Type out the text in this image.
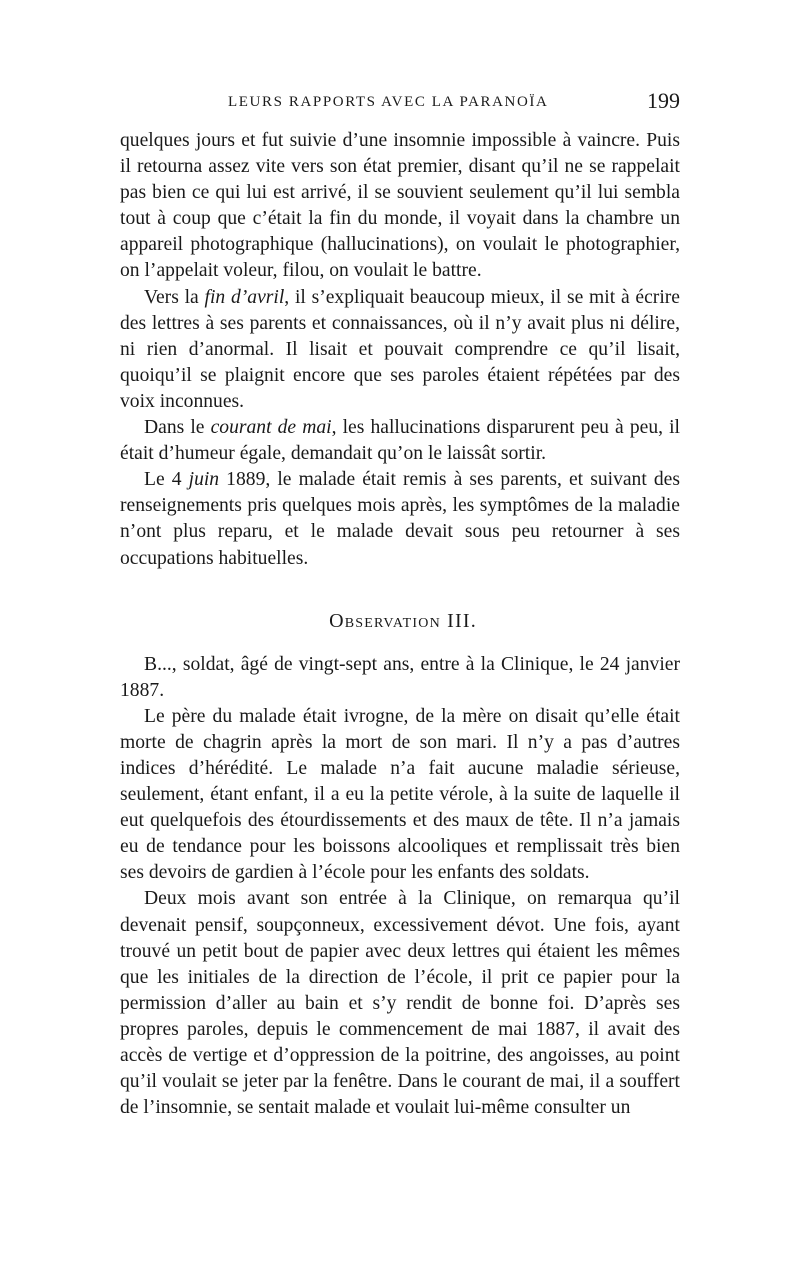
LEURS RAPPORTS AVEC LA PARANOÏA	199

quelques jours et fut suivie d’une insomnie impossible à vaincre. Puis il retourna assez vite vers son état premier, disant qu’il ne se rappelait pas bien ce qui lui est arrivé, il se souvient seulement qu’il lui sembla tout à coup que c’était la fin du monde, il voyait dans la chambre un appareil photographique (hallucinations), on voulait le photographier, on l’appelait voleur, filou, on voulait le battre.

Vers la fin d’avril, il s’expliquait beaucoup mieux, il se mit à écrire des lettres à ses parents et connaissances, où il n’y avait plus ni délire, ni rien d’anormal. Il lisait et pouvait comprendre ce qu’il lisait, quoiqu’il se plaignit encore que ses paroles étaient répétées par des voix inconnues.

Dans le courant de mai, les hallucinations disparurent peu à peu, il était d’humeur égale, demandait qu’on le laissât sortir.

Le 4 juin 1889, le malade était remis à ses parents, et suivant des renseignements pris quelques mois après, les symptômes de la maladie n’ont plus reparu, et le malade devait sous peu retourner à ses occupations habituelles.

Observation III.

B..., soldat, âgé de vingt-sept ans, entre à la Clinique, le 24 janvier 1887.

Le père du malade était ivrogne, de la mère on disait qu’elle était morte de chagrin après la mort de son mari. Il n’y a pas d’autres indices d’hérédité. Le malade n’a fait aucune maladie sérieuse, seulement, étant enfant, il a eu la petite vérole, à la suite de laquelle il eut quelquefois des étourdissements et des maux de tête. Il n’a jamais eu de tendance pour les boissons alcooliques et remplissait très bien ses devoirs de gardien à l’école pour les enfants des soldats.

Deux mois avant son entrée à la Clinique, on remarqua qu’il devenait pensif, soupçonneux, excessivement dévot. Une fois, ayant trouvé un petit bout de papier avec deux lettres qui étaient les mêmes que les initiales de la direction de l’école, il prit ce papier pour la permission d’aller au bain et s’y rendit de bonne foi. D’après ses propres paroles, depuis le commencement de mai 1887, il avait des accès de vertige et d’oppression de la poitrine, des angoisses, au point qu’il voulait se jeter par la fenêtre. Dans le courant de mai, il a souffert de l’insomnie, se sentait malade et voulait lui-même consulter un
